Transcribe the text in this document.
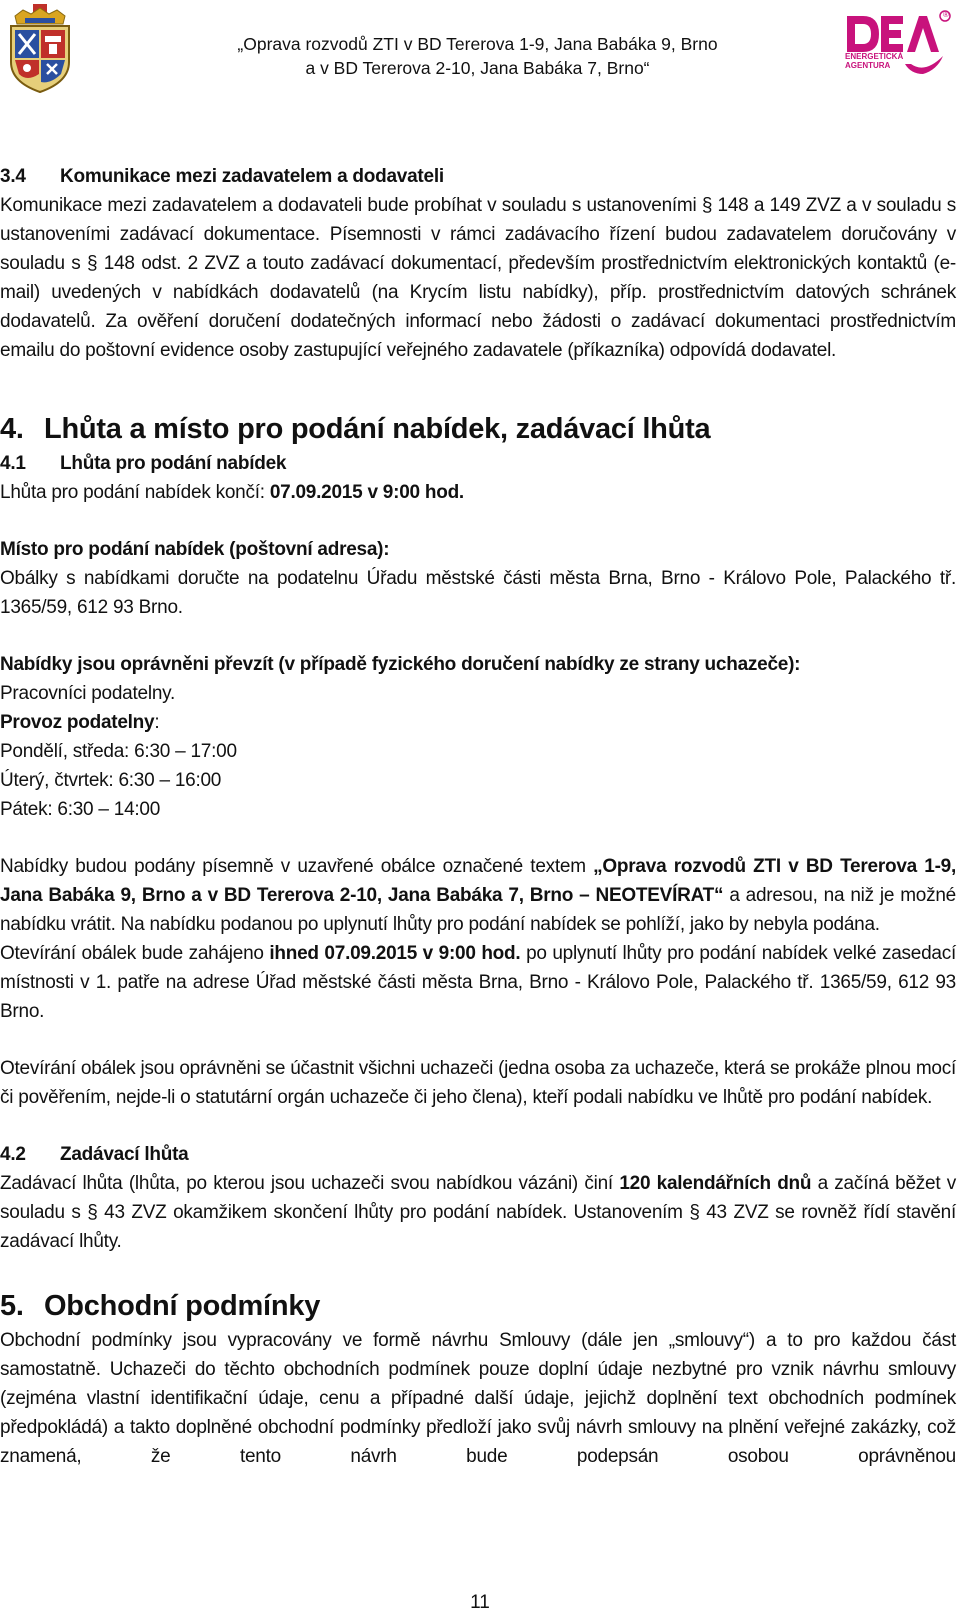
„Oprava rozvodů ZTI v BD Tererova 1-9, Jana Babáka 9, Brno
a v BD Tererova 2-10, Jana Babáka 7, Brno“
®
ENERGETICKÁ
AGENTURA

3.4 Komunikace mezi zadavatelem a dodavateli

Komunikace mezi zadavatelem a dodavateli bude probíhat v souladu s ustanoveními § 148 a 149 ZVZ a v souladu s ustanoveními zadávací dokumentace. Písemnosti v rámci zadávacího řízení budou zadavatelem doručovány v souladu s § 148 odst. 2 ZVZ a touto zadávací dokumentací, především prostřednictvím elektronických kontaktů (e-mail) uvedených v nabídkách dodavatelů (na Krycím listu nabídky), příp. prostřednictvím datových schránek dodavatelů. Za ověření doručení dodatečných informací nebo žádosti o zadávací dokumentaci prostřednictvím emailu do poštovní evidence osoby zastupující veřejného zadavatele (příkazníka) odpovídá dodavatel.

4. Lhůta a místo pro podání nabídek, zadávací lhůta

4.1 Lhůta pro podání nabídek

Lhůta pro podání nabídek končí: 07.09.2015 v 9:00 hod.

Místo pro podání nabídek (poštovní adresa):

Obálky s nabídkami doručte na podatelnu Úřadu městské části města Brna, Brno - Královo Pole, Palackého tř. 1365/59, 612 93 Brno.

Nabídky jsou oprávněni převzít (v případě fyzického doručení nabídky ze strany uchazeče):

Pracovníci podatelny.

Provoz podatelny:

Pondělí, středa: 6:30 – 17:00

Úterý, čtvrtek: 6:30 – 16:00

Pátek: 6:30 – 14:00

Nabídky budou podány písemně v uzavřené obálce označené textem „Oprava rozvodů ZTI v BD Tererova 1-9, Jana Babáka 9, Brno a v BD Tererova 2-10, Jana Babáka 7, Brno – NEOTEVÍRAT“ a adresou, na niž je možné nabídku vrátit. Na nabídku podanou po uplynutí lhůty pro podání nabídek se pohlíží, jako by nebyla podána.

Otevírání obálek bude zahájeno ihned 07.09.2015 v 9:00 hod. po uplynutí lhůty pro podání nabídek velké zasedací místnosti v 1. patře na adrese Úřad městské části města Brna, Brno - Královo Pole, Palackého tř. 1365/59, 612 93 Brno.

Otevírání obálek jsou oprávněni se účastnit všichni uchazeči (jedna osoba za uchazeče, která se prokáže plnou mocí či pověřením, nejde-li o statutární orgán uchazeče či jeho člena), kteří podali nabídku ve lhůtě pro podání nabídek.

4.2 Zadávací lhůta

Zadávací lhůta (lhůta, po kterou jsou uchazeči svou nabídkou vázáni) činí 120 kalendářních dnů a začíná běžet v souladu s § 43 ZVZ okamžikem skončení lhůty pro podání nabídek. Ustanovením § 43 ZVZ se rovněž řídí stavění zadávací lhůty.

5. Obchodní podmínky

Obchodní podmínky jsou vypracovány ve formě návrhu Smlouvy (dále jen „smlouvy“) a to pro každou část samostatně. Uchazeči do těchto obchodních podmínek pouze doplní údaje nezbytné pro vznik návrhu smlouvy (zejména vlastní identifikační údaje, cenu a případné další údaje, jejichž doplnění text obchodních podmínek předpokládá) a takto doplněné obchodní podmínky předloží jako svůj návrh smlouvy na plnění veřejné zakázky, což znamená, že tento návrh bude podepsán osobou oprávněnou

11
